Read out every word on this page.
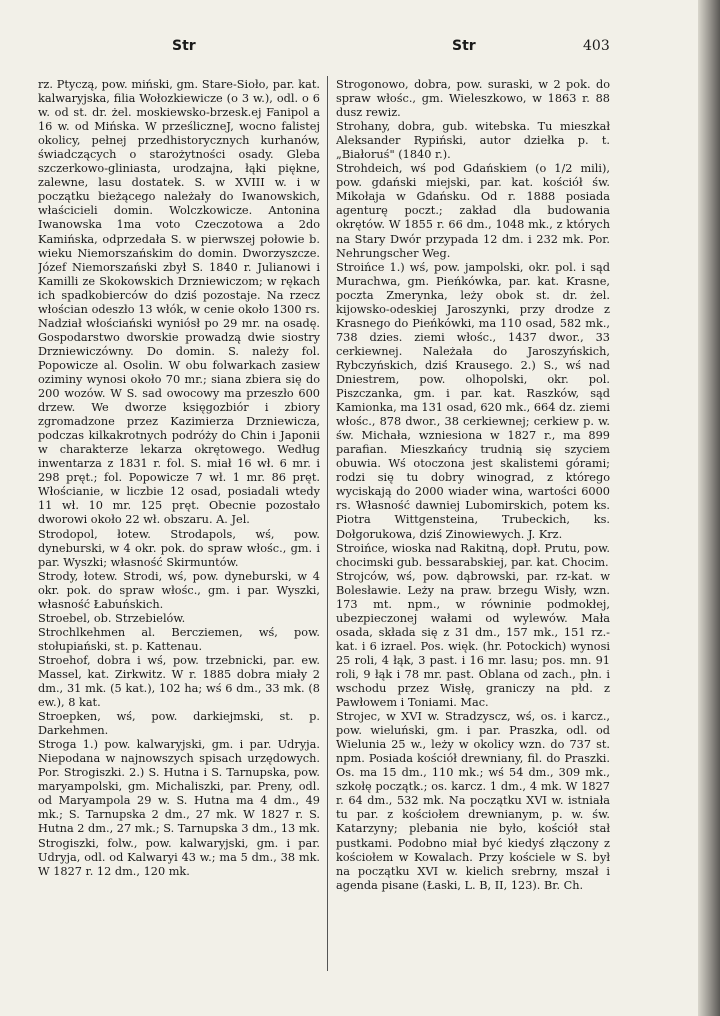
Str	Str	403

rz. Ptyczą, pow. miński, gm. Stare-Sioło, par. kat. kalwaryjska, filia Wołozkiewicze (o 3 w.), odl. o 6 w. od st. dr. żel. moskiewsko-brzesk.ej Fanipol a 16 w. od Mińska. W prześliczneJ, wocno falistej okolicy, pełnej przedhistorycznych kurhanów, świadczących o starożytności osady. Gleba szczerkowo-gliniasta, urodzajna, łąki piękne, zalewne, lasu dostatek. S. w XVIII w. i w początku bieżącego należały do Iwanowskich, właścicieli domin. Wolczkowicze. Antonina Iwanowska 1ma voto Czeczotowa a 2do Kamińska, odprzedała S. w pierwszej połowie b. wieku Niemorszańskim do domin. Dworzyszcze. Józef Niemorszański zbył S. 1840 r. Julianowi i Kamilli ze Skokowskich Drzniewiczom; w rękach ich spadkobierców do dziś pozostaje. Na rzecz włościan odeszło 13 włók, w cenie około 1300 rs. Nadział włościański wyniósł po 29 mr. na osadę. Gospodarstwo dworskie prowadzą dwie siostry Drzniewiczówny. Do domin. S. należy fol. Popowicze al. Osolin. W obu folwarkach zasiew oziminy wynosi około 70 mr.; siana zbiera się do 200 wozów. W S. sad owocowy ma przeszło 600 drzew. We dworze księgozbiór i zbiory zgromadzone przez Kazimierza Drzniewicza, podczas kilkakrotnych podróży do Chin i Japonii w charakterze lekarza okrętowego. Według inwentarza z 1831 r. fol. S. miał 16 wł. 6 mr. i 298 pręt.; fol. Popowicze 7 wł. 1 mr. 86 pręt. Włościanie, w liczbie 12 osad, posiadali wtedy 11 wł. 10 mr. 125 pręt. Obecnie pozostało dworowi około 22 wł. obszaru. A. Jel.

Strodopol, łotew. Strodapols, wś, pow. dyneburski, w 4 okr. pok. do spraw włośc., gm. i par. Wyszki; własność Skirmuntów.

Strody, łotew. Strodi, wś, pow. dyneburski, w 4 okr. pok. do spraw włośc., gm. i par. Wyszki, własność Łabuńskich.

Stroebel, ob. Strzebielów.

Strochlkehmen al. Bercziemen, wś, pow. stołupiański, st. p. Kattenau.

Stroehof, dobra i wś, pow. trzebnicki, par. ew. Massel, kat. Zirkwitz. W r. 1885 dobra miały 2 dm., 31 mk. (5 kat.), 102 ha; wś 6 dm., 33 mk. (8 ew.), 8 kat.

Stroepken, wś, pow. darkiejmski, st. p. Darkehmen.

Stroga 1.) pow. kalwaryjski, gm. i par. Udryja. Niepodana w najnowszych spisach urzędowych. Por. Strogiszki. 2.) S. Hutna i S. Tarnupska, pow. maryampolski, gm. Michaliszki, par. Preny, odl. od Maryampola 29 w. S. Hutna ma 4 dm., 49 mk.; S. Tarnupska 2 dm., 27 mk. W 1827 r. S. Hutna 2 dm., 27 mk.; S. Tarnupska 3 dm., 13 mk.

Strogiszki, folw., pow. kalwaryjski, gm. i par. Udryja, odl. od Kalwaryi 43 w.; ma 5 dm., 38 mk. W 1827 r. 12 dm., 120 mk.

Strogonowo, dobra, pow. suraski, w 2 pok. do spraw włośc., gm. Wieleszkowo, w 1863 r. 88 dusz rewiz.

Strohany, dobra, gub. witebska. Tu mieszkał Aleksander Rypiński, autor dziełka p. t. „Białoruś" (1840 r.).

Strohdeich, wś pod Gdańskiem (o 1/2 mili), pow. gdański miejski, par. kat. kościół św. Mikołaja w Gdańsku. Od r. 1888 posiada agenturę poczt.; zakład dla budowania okrętów. W 1855 r. 66 dm., 1048 mk., z których na Stary Dwór przypada 12 dm. i 232 mk. Por. Nehrungscher Weg.

Stroińce 1.) wś, pow. jampolski, okr. pol. i sąd Murachwa, gm. Pieńkówka, par. kat. Krasne, poczta Zmerynka, leży obok st. dr. żel. kijowsko-odeskiej Jaroszynki, przy drodze z Krasnego do Pieńkówki, ma 110 osad, 582 mk., 738 dzies. ziemi włośc., 1437 dwor., 33 cerkiewnej. Należała do Jaroszyńskich, Rybczyńskich, dziś Krausego. 2.) S., wś nad Dniestrem, pow. olhopolski, okr. pol. Piszczanka, gm. i par. kat. Raszków, sąd Kamionka, ma 131 osad, 620 mk., 664 dz. ziemi włośc., 878 dwor., 38 cerkiewnej; cerkiew p. w. św. Michała, wzniesiona w 1827 r., ma 899 parafian. Mieszkańcy trudnią się szyciem obuwia. Wś otoczona jest skalistemi górami; rodzi się tu dobry winograd, z którego wyciskają do 2000 wiader wina, wartości 6000 rs. Własność dawniej Lubomirskich, potem ks. Piotra Wittgensteina, Trubeckich, ks. Dołgorukowa, dziś Zinowiewych. J. Krz.

Stroińce, wioska nad Rakitną, dopł. Prutu, pow. chocimski gub. bessarabskiej, par. kat. Chocim.

Strojców, wś, pow. dąbrowski, par. rz-kat. w Bolesławie. Leży na praw. brzegu Wisły, wzn. 173 mt. npm., w równinie podmokłej, ubezpieczonej wałami od wylewów. Mała osada, składa się z 31 dm., 157 mk., 151 rz.-kat. i 6 izrael. Pos. więk. (hr. Potockich) wynosi 25 roli, 4 łąk, 3 past. i 16 mr. lasu; pos. mn. 91 roli, 9 łąk i 78 mr. past. Oblana od zach., płn. i wschodu przez Wisłę, graniczy na płd. z Pawłowem i Toniami. Mac.

Strojec, w XVI w. Stradzyscz, wś, os. i karcz., pow. wieluński, gm. i par. Praszka, odl. od Wielunia 25 w., leży w okolicy wzn. do 737 st. npm. Posiada kościół drewniany, fil. do Praszki. Os. ma 15 dm., 110 mk.; wś 54 dm., 309 mk., szkołę początk.; os. karcz. 1 dm., 4 mk. W 1827 r. 64 dm., 532 mk. Na początku XVI w. istniała tu par. z kościołem drewnianym, p. w. św. Katarzyny; plebania nie było, kościół stał pustkami. Podobno miał być kiedyś złączony z kościołem w Kowalach. Przy kościele w S. był na początku XVI w. kielich srebrny, mszał i agenda pisane (Łaski, L. B, II, 123). Br. Ch.
